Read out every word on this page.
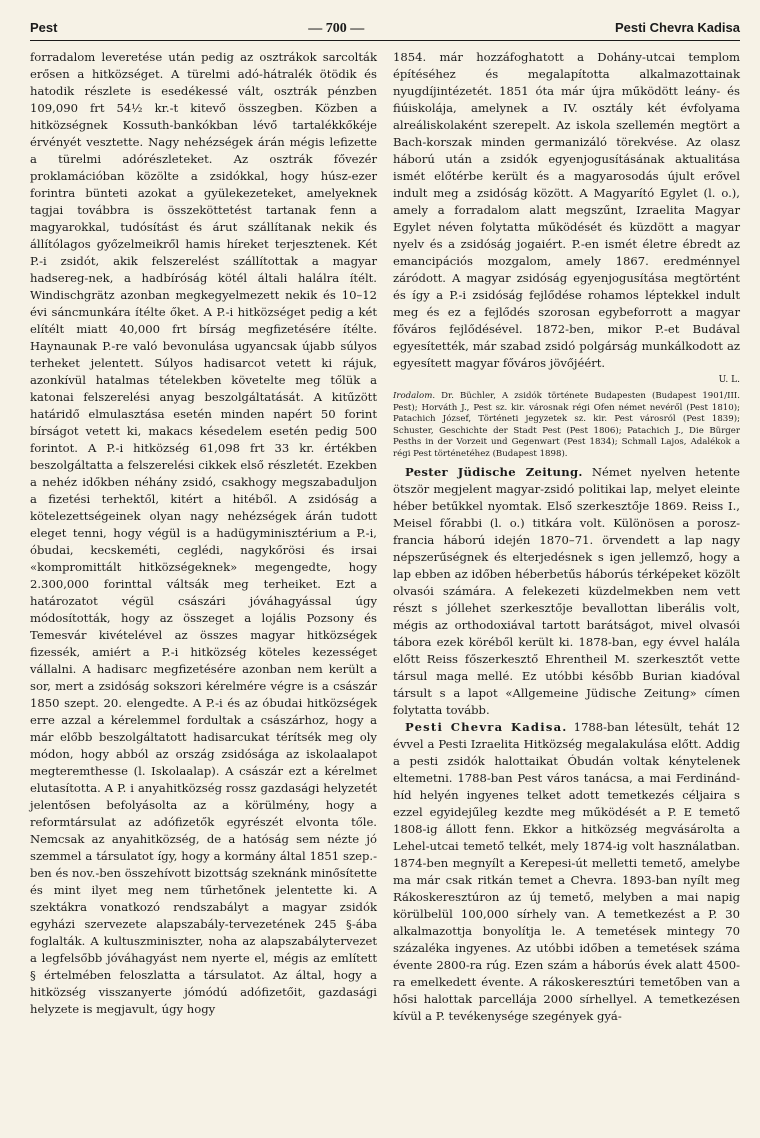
Pest	— 700 —	Pesti Chevra Kadisa

forradalom leveretése után pedig az osztrákok sarcolták erősen a hitközséget. A türelmi adó-hátralék ötödik és hatodik részlete is esedékessé vált, osztrák pénzben 109,090 frt 54½ kr.-t kitevő összegben. Közben a hitközségnek Kossuth-bankókban lévő tartalékkőkéje érvényét vesztette. Nagy nehézségek árán mégis lefizette a türelmi adórészleteket. Az osztrák fővezér proklamációban közölte a zsidókkal, hogy húsz-ezer forintra bünteti azokat a gyülekezeteket, amelyeknek tagjai továbbra is összeköttetést tartanak fenn a magyarokkal, tudósítást és árut szállítanak nekik és állítólagos győzelmeikről hamis híreket terjesztenek. Két P.-i zsidót, akik felszerelést szállítottak a magyar hadsereg-nek, a hadbíróság kötél általi halálra ítélt. Windischgrätz azonban megkegyelmezett nekik és 10–12 évi sáncmunkára ítélte őket. A P.-i hitközséget pedig a két elítélt miatt 40,000 frt bírság megfizetésére ítélte. Haynaunak P.-re való bevonulása ugyancsak újabb súlyos terheket jelentett. Súlyos hadisarcot vetett ki rájuk, azonkívül hatalmas tételekben követelte meg tőlük a katonai felszerelési anyag beszolgáltatását. A kitűzött határidő elmulasztása esetén minden napért 50 forint bírságot vetett ki, makacs késedelem esetén pedig 500 forintot. A P.-i hitközség 61,098 frt 33 kr. értékben beszolgáltatta a felszerelési cikkek első részletét. Ezekben a nehéz időkben néhány zsidó, csakhogy megszabaduljon a fizetési terhektől, kitért a hitéből. A zsidóság a kötelezettségeinek olyan nagy nehézségek árán tudott eleget tenni, hogy végül is a hadügyminisztérium a P.-i, óbudai, kecskeméti, ceglédi, nagykőrösi és irsai «kompromittált hitközségeknek» megengedte, hogy 2.300,000 forinttal váltsák meg terheiket. Ezt a határozatot végül császári jóváhagyással úgy módosították, hogy az összeget a lojális Pozsony és Temesvár kivételével az összes magyar hitközségek fizessék, amiért a P.-i hitközség köteles kezességet vállalni. A hadisarc megfizetésére azonban nem került a sor, mert a zsidóság sokszori kérelmére végre is a császár 1850 szept. 20. elengedte. A P.-i és az óbudai hitközségek erre azzal a kérelemmel fordultak a császárhoz, hogy a már előbb beszolgáltatott hadisarcukat térítsék meg oly módon, hogy abból az ország zsidósága az iskolaalapot megteremthesse (l. Iskolaalap). A császár ezt a kérelmet elutasította. A P. i anyahitközség rossz gazdasági helyzetét jelentősen befolyásolta az a körülmény, hogy a reformtársulat az adófizetők egyrészét elvonta tőle. Nemcsak az anyahitközség, de a hatóság sem nézte jó szemmel a társulatot így, hogy a kormány által 1851 szep.-ben és nov.-ben összehívott bizottság szeknánk minősítette és mint ilyet meg nem tűrhetőnek jelentette ki. A szektákra vonatkozó rendszabályt a magyar zsidók egyházi szervezete alapszabály-tervezetének 245 §-ába foglalták. A kultuszminiszter, noha az alapszabálytervezet a legfelsőbb jóváhagyást nem nyerte el, mégis az említett § értelmében feloszlatta a társulatot. Az által, hogy a hitközség visszanyerte jómódú adófizetőit, gazdasági helyzete is megjavult, úgy hogy

1854. már hozzáfoghatott a Dohány-utcai templom építéséhez és megalapította alkalmazottainak nyugdíjintézetét. 1851 óta már újra működött leány- és fiúiskolája, amelynek a IV. osztály két évfolyama alreáliskolaként szerepelt. Az iskola szellemén megtört a Bach-korszak minden germanizáló törekvése. Az olasz háború után a zsidók egyenjogusításának aktualitása ismét előtérbe került és a magyarosodás újult erővel indult meg a zsidóság között. A Magyarító Egylet (l. o.), amely a forradalom alatt megszűnt, Izraelita Magyar Egylet néven folytatta működését és küzdött a magyar nyelv és a zsidóság jogaiért. P.-en ismét életre ébredt az emancipációs mozgalom, amely 1867. eredménnyel záródott. A magyar zsidóság egyenjogusítása megtörtént és így a P.-i zsidóság fejlődése rohamos léptekkel indult meg és ez a fejlődés szorosan egybeforrott a magyar főváros fejlődésével. 1872-ben, mikor P.-et Budával egyesítették, már szabad zsidó polgárság munkálkodott az egyesített magyar főváros jövőjéért.

U. L.

Irodalom. Dr. Büchler, A zsidók története Budapesten (Budapest 1901/III. Pest); Horváth J., Pest sz. kir. városnak régi Ofen német nevéről (Pest 1810); Patachich József, Történeti jegyzetek sz. kir. Pest városról (Pest 1839); Schuster, Geschichte der Stadt Pest (Pest 1806); Patachich J., Die Bürger Pesths in der Vorzeit und Gegenwart (Pest 1834); Schmall Lajos, Adalékok a régi Pest történetéhez (Budapest 1898).

Pester Jüdische Zeitung. Német nyelven hetente ötször megjelent magyar-zsidó politikai lap, melyet eleinte héber betűkkel nyomtak. Első szerkesztője 1869. Reiss I., Meisel főrabbi (l. o.) titkára volt. Különösen a porosz-francia háború idején 1870–71. örvendett a lap nagy népszerűségnek és elterjedésnek s igen jellemző, hogy a lap ebben az időben héberbetűs háborús térképeket közölt olvasói számára. A felekezeti küzdelmekben nem vett részt s jóllehet szerkesztője bevallottan liberális volt, mégis az orthodoxiával tartott barátságot, mivel olvasói tábora ezek köréből került ki. 1878-ban, egy évvel halála előtt Reiss főszerkesztő Ehrentheil M. szerkesztőt vette társul maga mellé. Ez utóbbi később Burian kiadóval társult s a lapot «Allgemeine Jüdische Zeitung» címen folytatta tovább.

Pesti Chevra Kadisa. 1788-ban létesült, tehát 12 évvel a Pesti Izraelita Hitközség megalakulása előtt. Addig a pesti zsidók halottaikat Óbudán voltak kénytelenek eltemetni. 1788-ban Pest város tanácsa, a mai Ferdinánd-híd helyén ingyenes telket adott temetkezés céljaira s ezzel egyidejűleg kezdte meg működését a P. E temető 1808-ig állott fenn. Ekkor a hitközség megvásárolta a Lehel-utcai temető telkét, mely 1874-ig volt használatban. 1874-ben megnyílt a Kerepesi-út melletti temető, amelybe ma már csak ritkán temet a Chevra. 1893-ban nyílt meg Rákoskeresztúron az új temető, melyben a mai napig körülbelül 100,000 sírhely van. A temetkezést a P. 30 alkalmazottja bonyolítja le. A temetések mintegy 70 százaléka ingyenes. Az utóbbi időben a temetések száma évente 2800-ra rúg. Ezen szám a háborús évek alatt 4500-ra emelkedett évente. A rákoskeresztúri temetőben van a hősi halottak parcellája 2000 sírhellyel. A temetkezésen kívül a P. tevékenysége szegények gyá-
